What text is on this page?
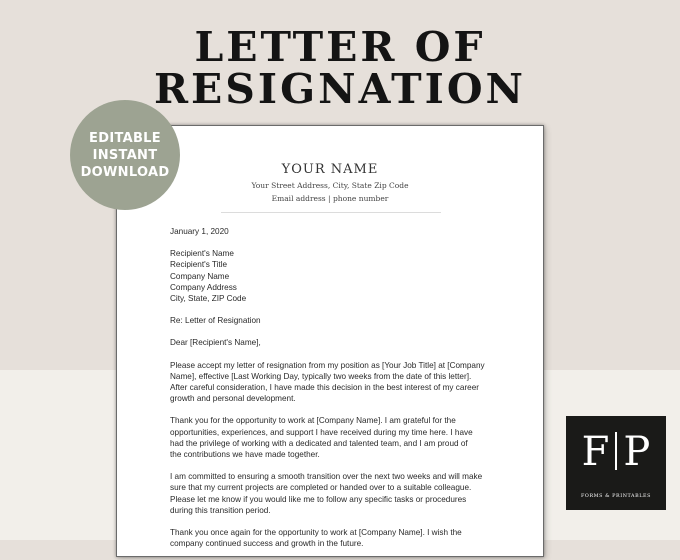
LETTER OF
RESIGNATION
EDITABLE
INSTANT
DOWNLOAD	YOUR NAME
Your Street Address, City, State Zip Code
Email address | phone number
January 1, 2020
Recipient's Name
Recipient's Title
Company Name
Company Address
City, State, ZIP Code
Re: Letter of Resignation
Dear [Recipient's Name],
Please accept my letter of resignation from my position as [Your Job Title] at [Company
Name], effective [Last Working Day, typically two weeks from the date of this letter].
After careful consideration, I have made this decision in the best interest of my career
growth and personal development.
Thank you for the opportunity to work at [Company Name]. I am grateful for the
opportunities, experiences, and support I have received during my time here. I have
had the privilege of working with a dedicated and talented team, and I am proud of
the contributions we have made together.
I am committed to ensuring a smooth transition over the next two weeks and will make
sure that my current projects are completed or handed over to a suitable colleague.
Please let me know if you would like me to follow any specific tasks or procedures
during this transition period.
Thank you once again for the opportunity to work at [Company Name]. I wish the
company continued success and growth in the future.
F P
FORMS & PRINTABLES
